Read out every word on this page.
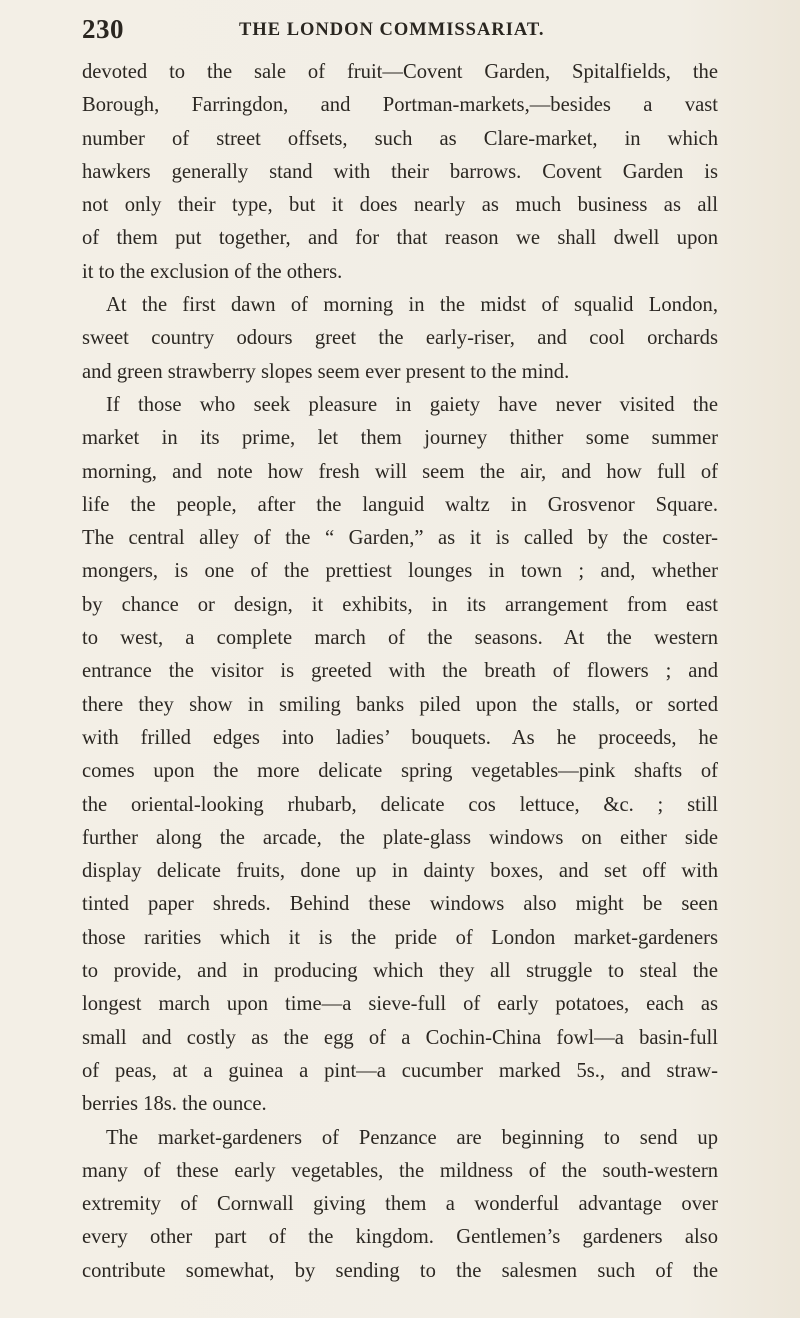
230	THE LONDON COMMISSARIAT.
devoted to the sale of fruit—Covent Garden, Spitalfields, the
Borough, Farringdon, and Portman-markets,—besides a vast
number of street offsets, such as Clare-market, in which
hawkers generally stand with their barrows. Covent Garden is
not only their type, but it does nearly as much business as all
of them put together, and for that reason we shall dwell upon
it to the exclusion of the others.
At the first dawn of morning in the midst of squalid London,
sweet country odours greet the early-riser, and cool orchards
and green strawberry slopes seem ever present to the mind.
If those who seek pleasure in gaiety have never visited the
market in its prime, let them journey thither some summer
morning, and note how fresh will seem the air, and how full of
life the people, after the languid waltz in Grosvenor Square.
The central alley of the “ Garden,” as it is called by the coster-
mongers, is one of the prettiest lounges in town ; and, whether
by chance or design, it exhibits, in its arrangement from east
to west, a complete march of the seasons. At the western
entrance the visitor is greeted with the breath of flowers ; and
there they show in smiling banks piled upon the stalls, or sorted
with frilled edges into ladies’ bouquets. As he proceeds, he
comes upon the more delicate spring vegetables—pink shafts of
the oriental-looking rhubarb, delicate cos lettuce, &c. ; still
further along the arcade, the plate-glass windows on either side
display delicate fruits, done up in dainty boxes, and set off with
tinted paper shreds. Behind these windows also might be seen
those rarities which it is the pride of London market-gardeners
to provide, and in producing which they all struggle to steal the
longest march upon time—a sieve-full of early potatoes, each as
small and costly as the egg of a Cochin-China fowl—a basin-full
of peas, at a guinea a pint—a cucumber marked 5s., and straw-
berries 18s. the ounce.
The market-gardeners of Penzance are beginning to send up
many of these early vegetables, the mildness of the south-western
extremity of Cornwall giving them a wonderful advantage over
every other part of the kingdom. Gentlemen’s gardeners also
contribute somewhat, by sending to the salesmen such of the
